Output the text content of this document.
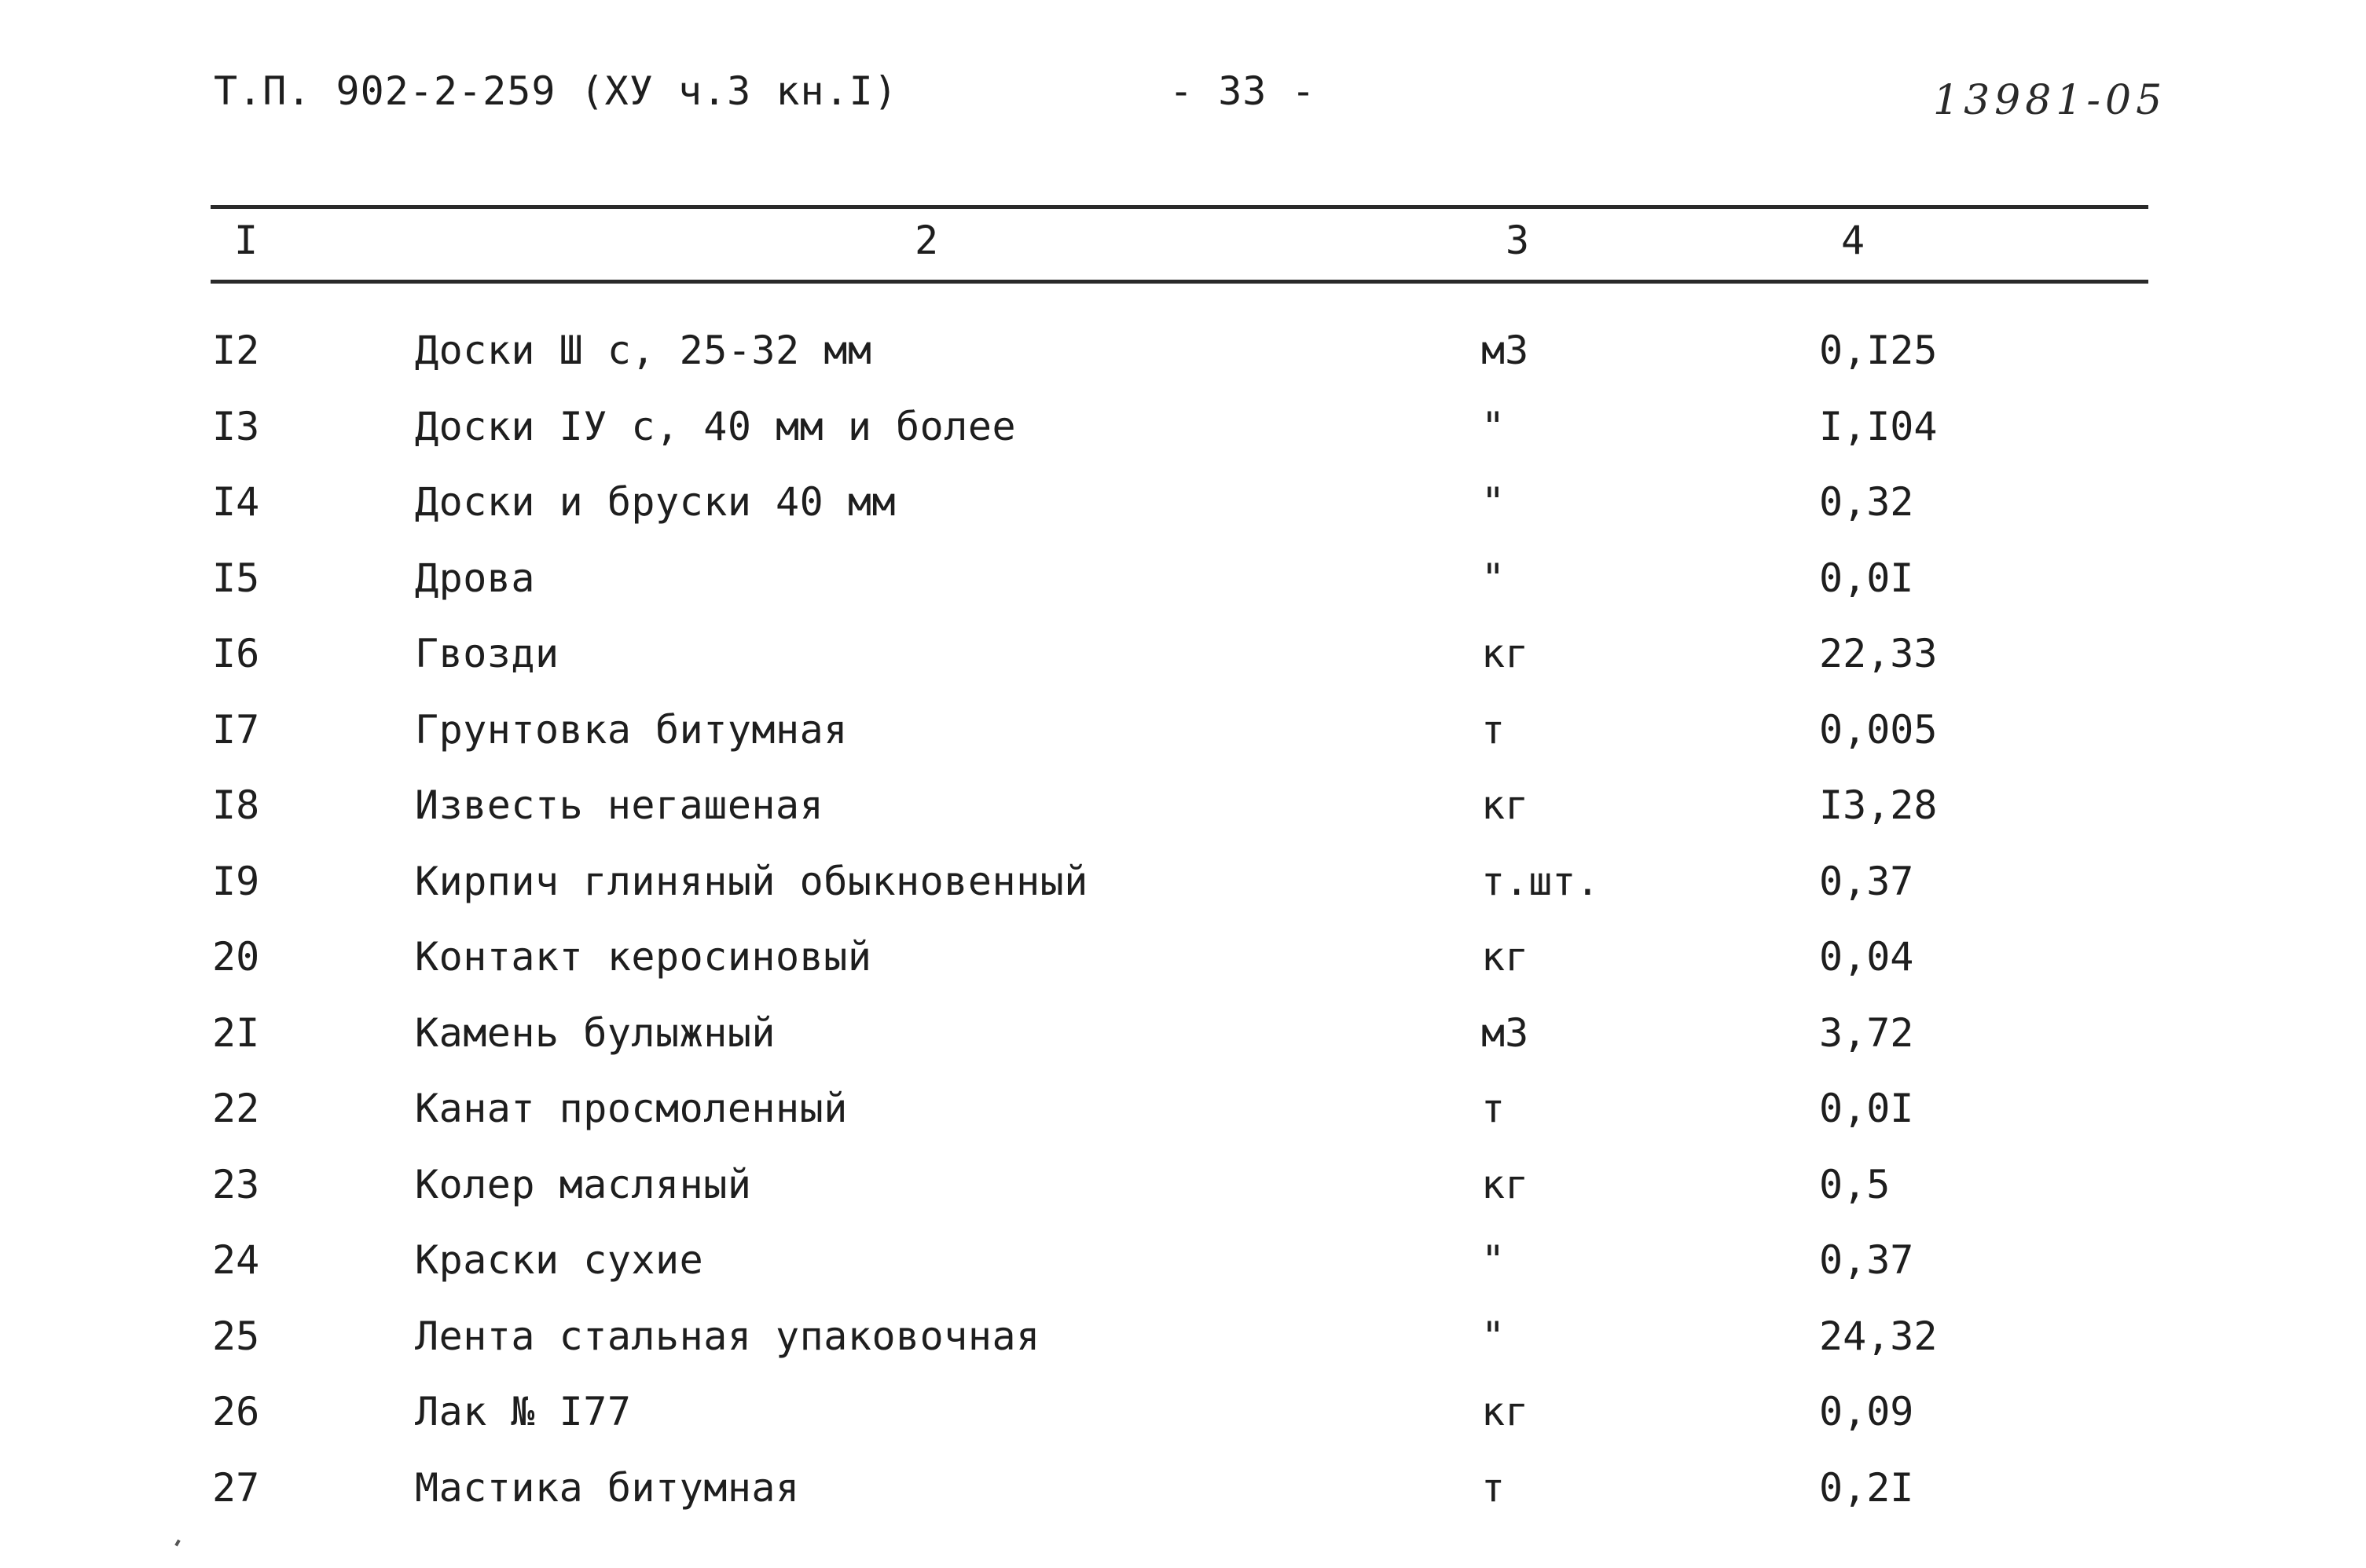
Т.П. 902-2-259 (ХУ ч.3 кн.I)	- 33 -	13981-05
I	2	3	4
I2	Доски Ш с, 25-32 мм	м3	0,I25
I3	Доски IУ с, 40 мм и более	"	I,I04
I4	Доски и бруски 40 мм	"	0,32
I5	Дрова	"	0,0I
I6	Гвозди	кг	22,33
I7	Грунтовка битумная	т	0,005
I8	Известь негашеная	кг	I3,28
I9	Кирпич глиняный обыкновенный	т.шт.	0,37
20	Контакт керосиновый	кг	0,04
2I	Камень булыжный	м3	3,72
22	Канат просмоленный	т	0,0I
23	Колер масляный	кг	0,5
24	Краски сухие	"	0,37
25	Лента стальная упаковочная	"	24,32
26	Лак № I77	кг	0,09
27	Мастика битумная	т	0,2I
